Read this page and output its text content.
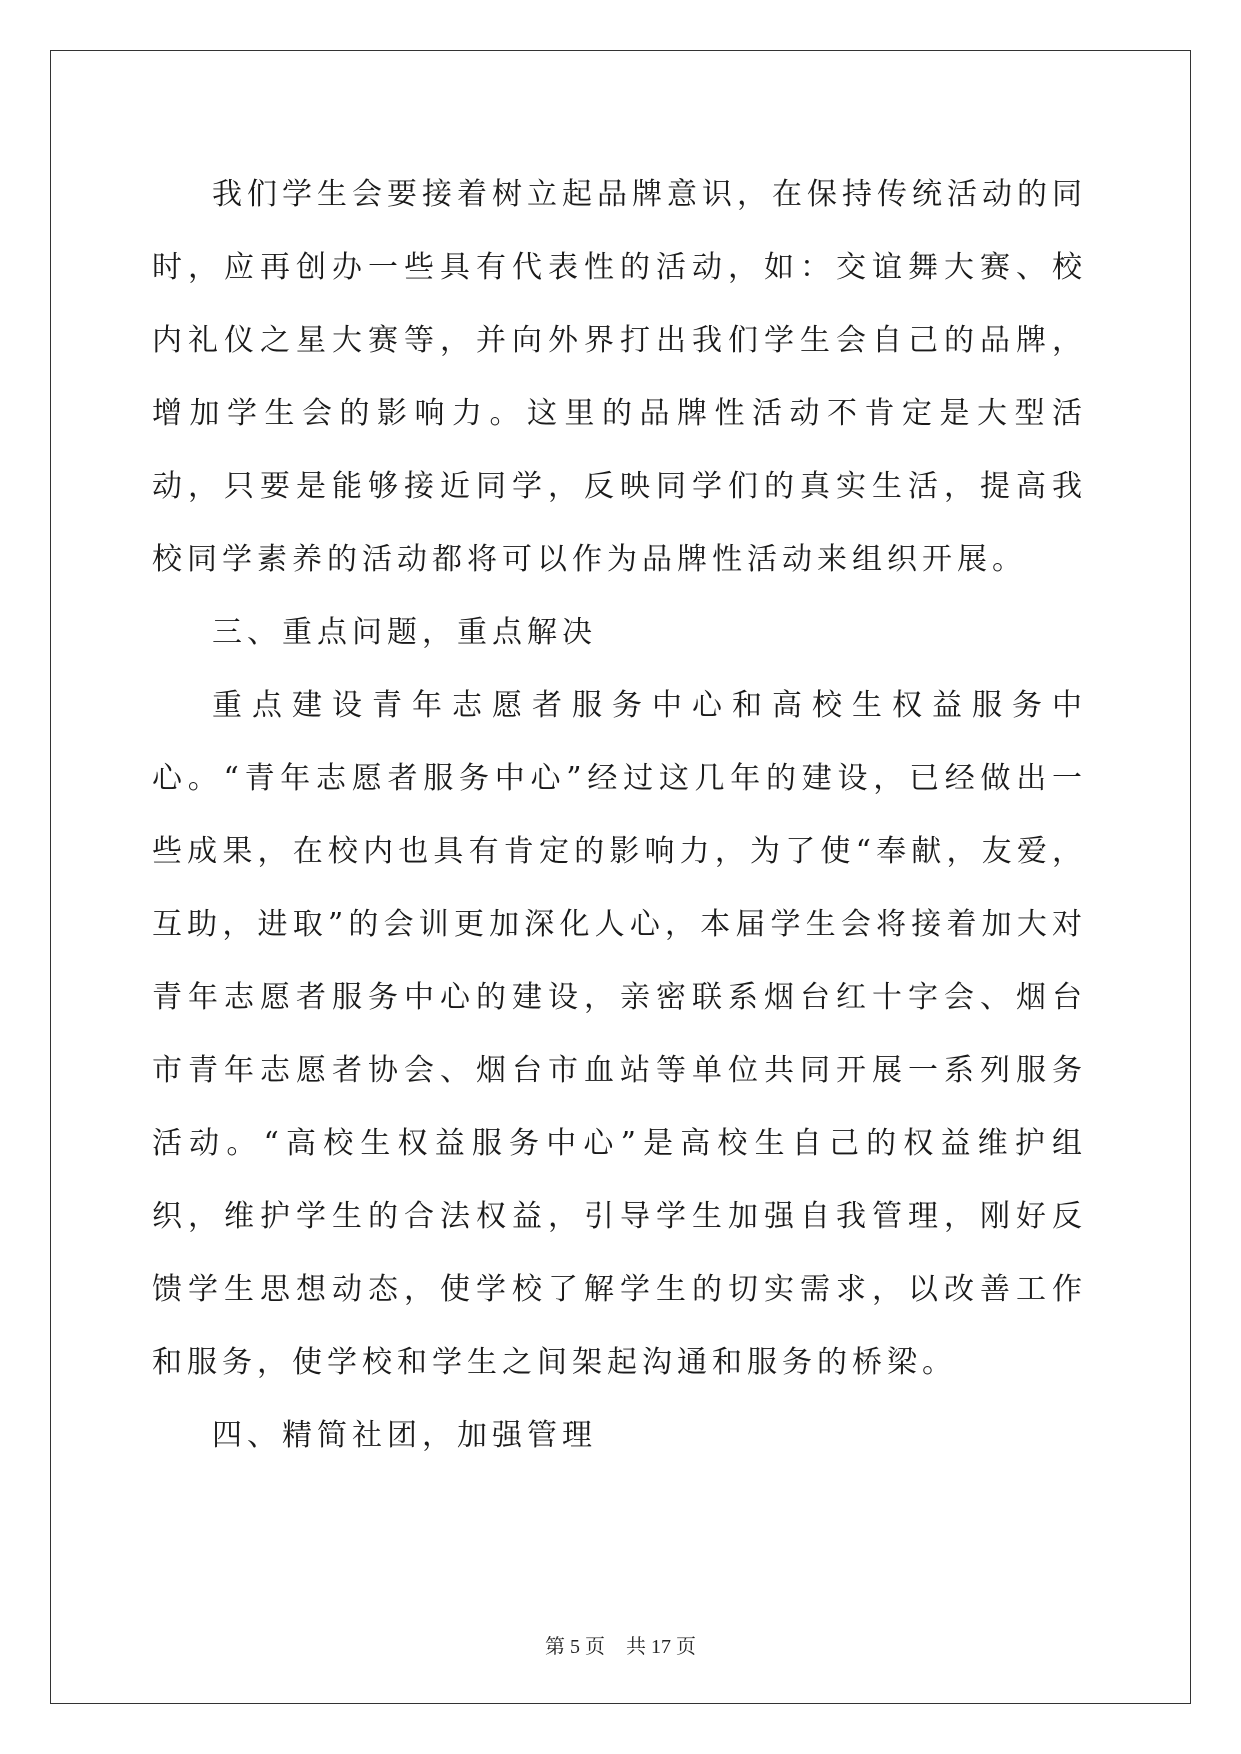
我们学生会要接着树立起品牌意识，在保持传统活动的同时，应再创办一些具有代表性的活动，如：交谊舞大赛、校内礼仪之星大赛等，并向外界打出我们学生会自己的品牌，增加学生会的影响力。这里的品牌性活动不肯定是大型活动，只要是能够接近同学，反映同学们的真实生活，提高我校同学素养的活动都将可以作为品牌性活动来组织开展。

三、重点问题，重点解决

重点建设青年志愿者服务中心和高校生权益服务中心。“青年志愿者服务中心”经过这几年的建设，已经做出一些成果，在校内也具有肯定的影响力，为了使“奉献，友爱，互助，进取”的会训更加深化人心，本届学生会将接着加大对青年志愿者服务中心的建设，亲密联系烟台红十字会、烟台市青年志愿者协会、烟台市血站等单位共同开展一系列服务活动。“高校生权益服务中心”是高校生自己的权益维护组织，维护学生的合法权益，引导学生加强自我管理，刚好反馈学生思想动态，使学校了解学生的切实需求，以改善工作和服务，使学校和学生之间架起沟通和服务的桥梁。

四、精简社团，加强管理

第 5 页 共 17 页
